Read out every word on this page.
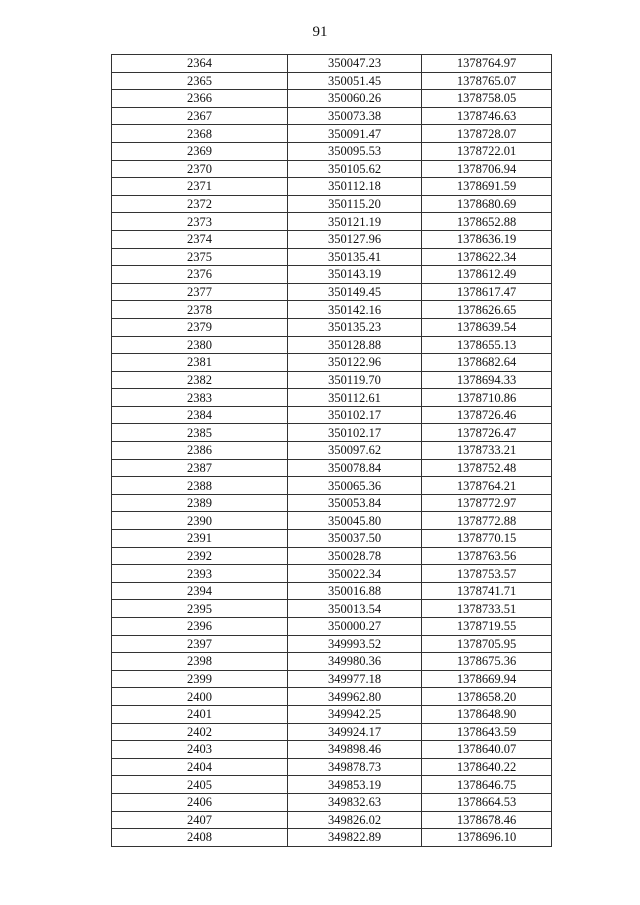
91
2364	350047.23	1378764.97
2365	350051.45	1378765.07
2366	350060.26	1378758.05
2367	350073.38	1378746.63
2368	350091.47	1378728.07
2369	350095.53	1378722.01
2370	350105.62	1378706.94
2371	350112.18	1378691.59
2372	350115.20	1378680.69
2373	350121.19	1378652.88
2374	350127.96	1378636.19
2375	350135.41	1378622.34
2376	350143.19	1378612.49
2377	350149.45	1378617.47
2378	350142.16	1378626.65
2379	350135.23	1378639.54
2380	350128.88	1378655.13
2381	350122.96	1378682.64
2382	350119.70	1378694.33
2383	350112.61	1378710.86
2384	350102.17	1378726.46
2385	350102.17	1378726.47
2386	350097.62	1378733.21
2387	350078.84	1378752.48
2388	350065.36	1378764.21
2389	350053.84	1378772.97
2390	350045.80	1378772.88
2391	350037.50	1378770.15
2392	350028.78	1378763.56
2393	350022.34	1378753.57
2394	350016.88	1378741.71
2395	350013.54	1378733.51
2396	350000.27	1378719.55
2397	349993.52	1378705.95
2398	349980.36	1378675.36
2399	349977.18	1378669.94
2400	349962.80	1378658.20
2401	349942.25	1378648.90
2402	349924.17	1378643.59
2403	349898.46	1378640.07
2404	349878.73	1378640.22
2405	349853.19	1378646.75
2406	349832.63	1378664.53
2407	349826.02	1378678.46
2408	349822.89	1378696.10
